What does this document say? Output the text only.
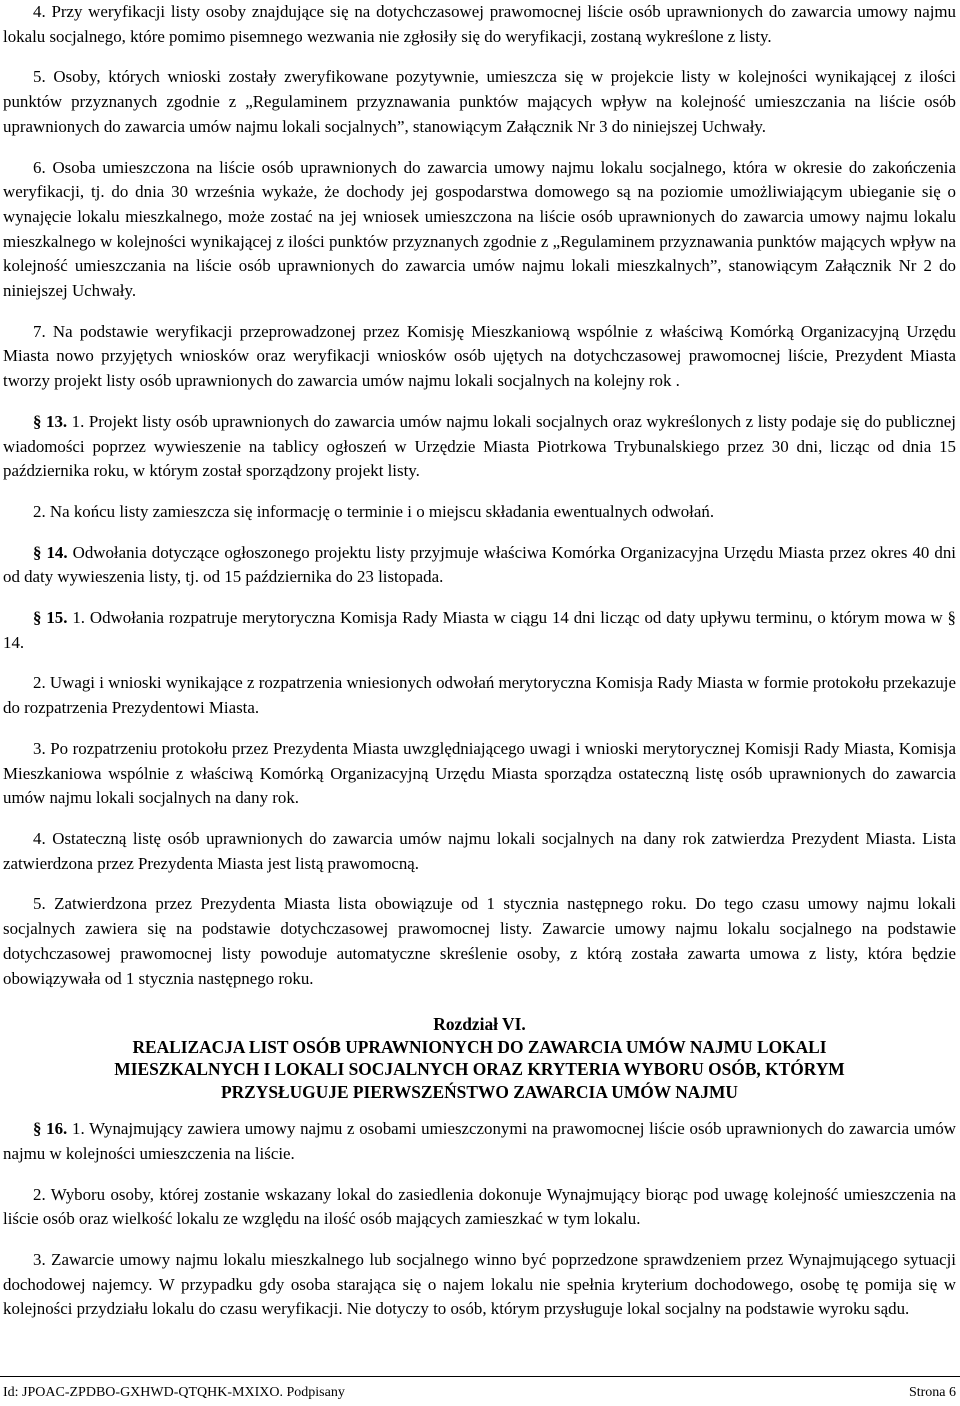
4. Przy weryfikacji listy osoby znajdujące się na dotychczasowej prawomocnej liście osób uprawnionych do zawarcia umowy najmu lokalu socjalnego, które pomimo pisemnego wezwania nie zgłosiły się do weryfikacji, zostaną wykreślone z listy.

5. Osoby, których wnioski zostały zweryfikowane pozytywnie, umieszcza się w projekcie listy w kolejności wynikającej z ilości punktów przyznanych zgodnie z „Regulaminem przyznawania punktów mających wpływ na kolejność umieszczania na liście osób uprawnionych do zawarcia umów najmu lokali socjalnych”, stanowiącym Załącznik Nr 3 do niniejszej Uchwały.

6. Osoba umieszczona na liście osób uprawnionych do zawarcia umowy najmu lokalu socjalnego, która w okresie do zakończenia weryfikacji, tj. do dnia 30 września wykaże, że dochody jej gospodarstwa domowego są na poziomie umożliwiającym ubieganie się o wynajęcie lokalu mieszkalnego, może zostać na jej wniosek umieszczona na liście osób uprawnionych do zawarcia umowy najmu lokalu mieszkalnego w kolejności wynikającej z ilości punktów przyznanych zgodnie z „Regulaminem przyznawania punktów mających wpływ na kolejność umieszczania na liście osób uprawnionych do zawarcia umów najmu lokali mieszkalnych”, stanowiącym Załącznik Nr 2 do niniejszej Uchwały.

7. Na podstawie weryfikacji przeprowadzonej przez Komisję Mieszkaniową wspólnie z właściwą Komórką Organizacyjną Urzędu Miasta nowo przyjętych wniosków oraz weryfikacji wniosków osób ujętych na dotychczasowej prawomocnej liście, Prezydent Miasta tworzy projekt listy osób uprawnionych do zawarcia umów najmu lokali socjalnych na kolejny rok .

§ 13. 1. Projekt listy osób uprawnionych do zawarcia umów najmu lokali socjalnych oraz wykreślonych z listy podaje się do publicznej wiadomości poprzez wywieszenie na tablicy ogłoszeń w Urzędzie Miasta Piotrkowa Trybunalskiego przez 30 dni, licząc od dnia 15 października roku, w którym został sporządzony projekt listy.

2. Na końcu listy zamieszcza się informację o terminie i o miejscu składania ewentualnych odwołań.

§ 14. Odwołania dotyczące ogłoszonego projektu listy przyjmuje właściwa Komórka Organizacyjna Urzędu Miasta przez okres 40 dni od daty wywieszenia listy, tj. od 15 października do 23 listopada.

§ 15. 1. Odwołania rozpatruje merytoryczna Komisja Rady Miasta w ciągu 14 dni licząc od daty upływu terminu, o którym mowa w § 14.

2. Uwagi i wnioski wynikające z rozpatrzenia wniesionych odwołań merytoryczna Komisja Rady Miasta w formie protokołu przekazuje do rozpatrzenia Prezydentowi Miasta.

3. Po rozpatrzeniu protokołu przez Prezydenta Miasta uwzględniającego uwagi i wnioski merytorycznej Komisji Rady Miasta, Komisja Mieszkaniowa wspólnie z właściwą Komórką Organizacyjną Urzędu Miasta sporządza ostateczną listę osób uprawnionych do zawarcia umów najmu lokali socjalnych na dany rok.

4. Ostateczną listę osób uprawnionych do zawarcia umów najmu lokali socjalnych na dany rok zatwierdza Prezydent Miasta. Lista zatwierdzona przez Prezydenta Miasta jest listą prawomocną.

5. Zatwierdzona przez Prezydenta Miasta lista obowiązuje od 1 stycznia następnego roku. Do tego czasu umowy najmu lokali socjalnych zawiera się na podstawie dotychczasowej prawomocnej listy. Zawarcie umowy najmu lokalu socjalnego na podstawie dotychczasowej prawomocnej listy powoduje automatyczne skreślenie osoby, z którą została zawarta umowa z listy, która będzie obowiązywała od 1 stycznia następnego roku.

Rozdział VI.

REALIZACJA LIST OSÓB UPRAWNIONYCH DO ZAWARCIA UMÓW NAJMU LOKALI

MIESZKALNYCH I LOKALI SOCJALNYCH ORAZ KRYTERIA WYBORU OSÓB, KTÓRYM

PRZYSŁUGUJE PIERWSZEŃSTWO ZAWARCIA UMÓW NAJMU

§ 16. 1. Wynajmujący zawiera umowy najmu z osobami umieszczonymi na prawomocnej liście osób uprawnionych do zawarcia umów najmu w kolejności umieszczenia na liście.

2. Wyboru osoby, której zostanie wskazany lokal do zasiedlenia dokonuje Wynajmujący biorąc pod uwagę kolejność umieszczenia na liście osób oraz wielkość lokalu ze względu na ilość osób mających zamieszkać w tym lokalu.

3. Zawarcie umowy najmu lokalu mieszkalnego lub socjalnego winno być poprzedzone sprawdzeniem przez Wynajmującego sytuacji dochodowej najemcy. W przypadku gdy osoba starająca się o najem lokalu nie spełnia kryterium dochodowego, osobę tę pomija się w kolejności przydziału lokalu do czasu weryfikacji. Nie dotyczy to osób, którym przysługuje lokal socjalny na podstawie wyroku sądu.

Id: JPOAC-ZPDBO-GXHWD-QTQHK-MXIXO. Podpisany	Strona 6
